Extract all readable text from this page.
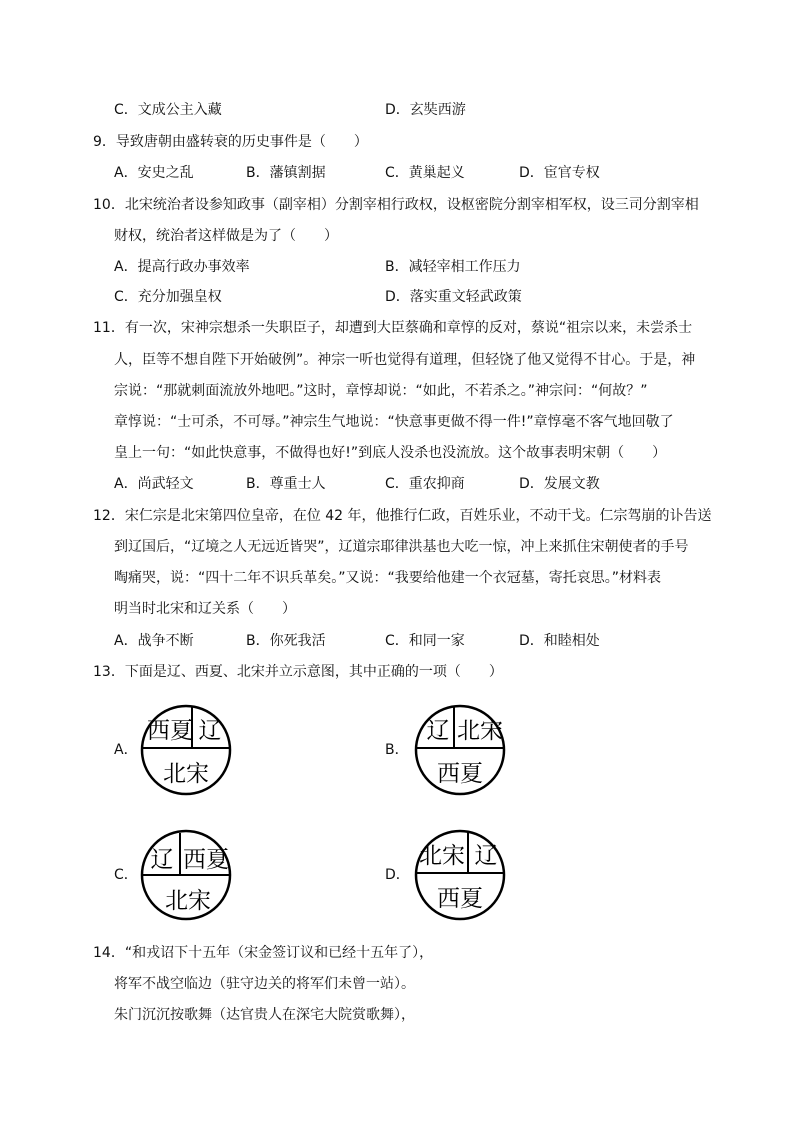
C．文成公主入藏	D．玄奘西游
9．导致唐朝由盛转衰的历史事件是（　　）
A．安史之乱	B．藩镇割据	C．黄巢起义	D．宦官专权
10．北宋统治者设参知政事（副宰相）分割宰相行政权，设枢密院分割宰相军权，设三司分割宰相
财权，统治者这样做是为了（　　）
A．提高行政办事效率	B．减轻宰相工作压力
C．充分加强皇权	D．落实重文轻武政策
11．有一次，宋神宗想杀一失职臣子，却遭到大臣蔡确和章惇的反对，蔡说“祖宗以来，未尝杀士
人，臣等不想自陛下开始破例”。神宗一听也觉得有道理，但轻饶了他又觉得不甘心。于是，神
宗说：“那就刺面流放外地吧。”这时，章惇却说：“如此，不若杀之。”神宗问：“何故？”
章惇说：“士可杀，不可辱。”神宗生气地说：“快意事更做不得一件!”章惇毫不客气地回敬了
皇上一句：“如此快意事，不做得也好!”到底人没杀也没流放。这个故事表明宋朝（　　）
A．尚武轻文	B．尊重士人	C．重农抑商	D．发展文教
12．宋仁宗是北宋第四位皇帝，在位 42 年，他推行仁政，百姓乐业，不动干戈。仁宗驾崩的讣告送
到辽国后，“辽境之人无远近皆哭”，辽道宗耶律洪基也大吃一惊，冲上来抓住宋朝使者的手号
啕痛哭，说：“四十二年不识兵革矣。”又说：“我要给他建一个衣冠墓，寄托哀思。”材料表
明当时北宋和辽关系（　　）
A．战争不断	B．你死我活	C．和同一家	D．和睦相处
13．下面是辽、西夏、北宋并立示意图，其中正确的一项（　　）
A．
西夏 辽
北宋
B．
辽 北宋
西夏
C．
辽 西夏
北宋
D．
北宋 辽
西夏
14．“和戎诏下十五年（宋金签订议和已经十五年了），
将军不战空临边（驻守边关的将军们未曾一站）。
朱门沉沉按歌舞（达官贵人在深宅大院赏歌舞），
